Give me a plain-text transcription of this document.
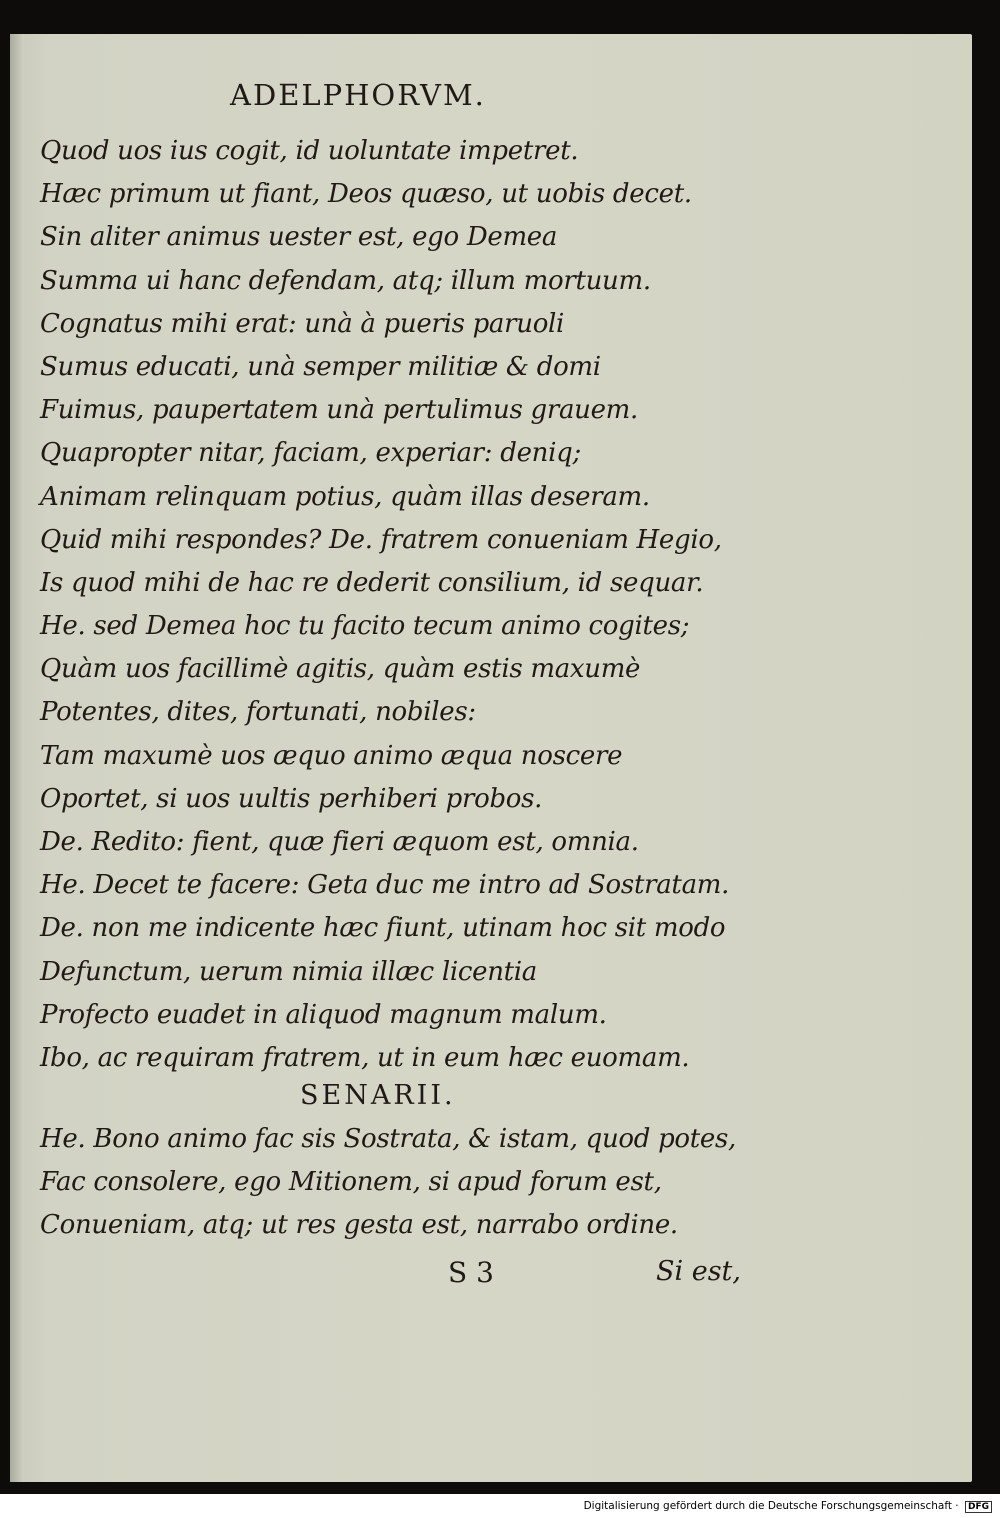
ADELPHORVM.
Quod uos ius cogit, id uoluntate impetret.
Hæc primum ut fiant, Deos quæso, ut uobis decet.
Sin aliter animus uester est, ego Demea
Summa ui hanc defendam, atq; illum mortuum.
Cognatus mihi erat: unà à pueris paruoli
Sumus educati, unà semper militiæ & domi
Fuimus, paupertatem unà pertulimus grauem.
Quapropter nitar, faciam, experiar: deniq;
Animam relinquam potius, quàm illas deseram.
Quid mihi respondes? De. fratrem conueniam Hegio,
Is quod mihi de hac re dederit consilium, id sequar.
He. sed Demea hoc tu facito tecum animo cogites;
Quàm uos facillimè agitis, quàm estis maxumè
Potentes, dites, fortunati, nobiles:
Tam maxumè uos æquo animo æqua noscere
Oportet, si uos uultis perhiberi probos.
De. Redito: fient, quæ fieri æquom est, omnia.
He. Decet te facere: Geta duc me intro ad Sostratam.
De. non me indicente hæc fiunt, utinam hoc sit modo
Defunctum, uerum nimia illæc licentia
Profecto euadet in aliquod magnum malum.
Ibo, ac requiram fratrem, ut in eum hæc euomam.
SENARII.
He. Bono animo fac sis Sostrata, & istam, quod potes,
Fac consolere, ego Mitionem, si apud forum est,
Conueniam, atq; ut res gesta est, narrabo ordine.
S 3	Si est,
Digitalisierung gefördert durch die Deutsche Forschungsgemeinschaft · DFG
